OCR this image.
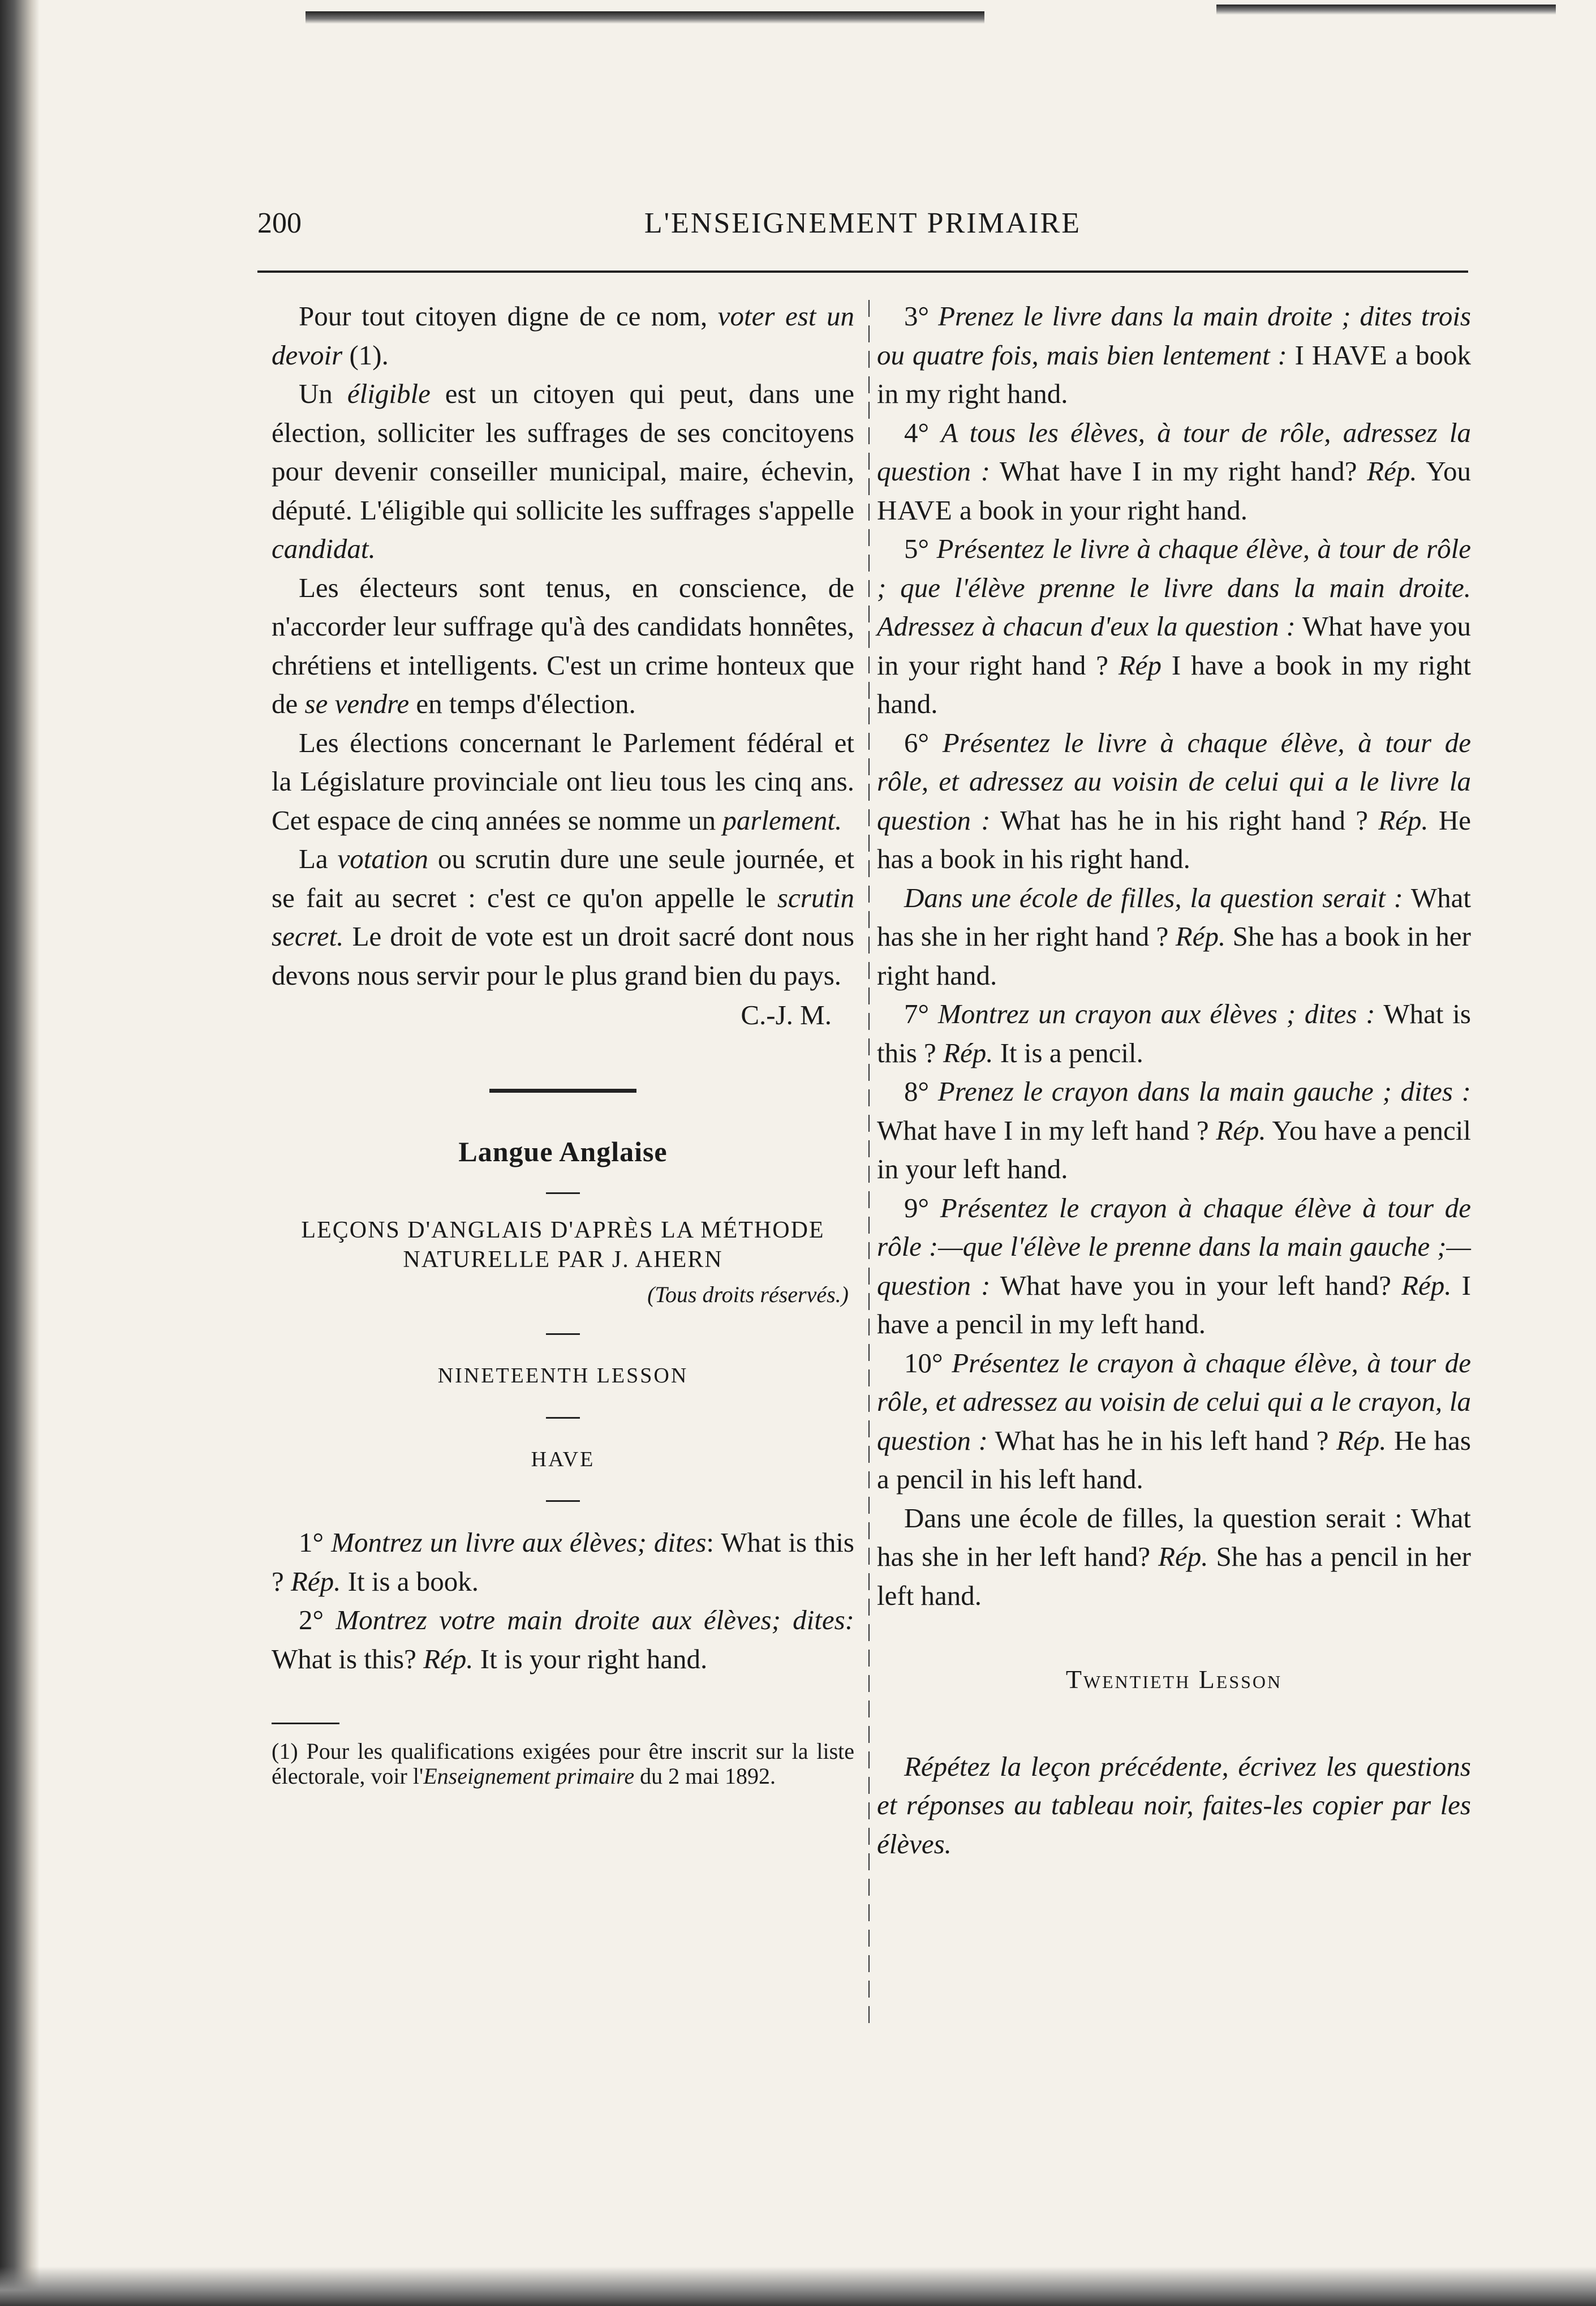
200	L'ENSEIGNEMENT PRIMAIRE

Pour tout citoyen digne de ce nom, voter est un devoir (1).

Un éligible est un citoyen qui peut, dans une élection, solliciter les suffrages de ses concitoyens pour devenir conseiller municipal, maire, échevin, député. L'éligible qui sollicite les suffrages s'appelle candidat.

Les électeurs sont tenus, en conscience, de n'accorder leur suffrage qu'à des candidats honnêtes, chrétiens et intelligents. C'est un crime honteux que de se vendre en temps d'élection.

Les élections concernant le Parlement fédéral et la Législature provinciale ont lieu tous les cinq ans. Cet espace de cinq années se nomme un parlement.

La votation ou scrutin dure une seule journée, et se fait au secret : c'est ce qu'on appelle le scrutin secret. Le droit de vote est un droit sacré dont nous devons nous servir pour le plus grand bien du pays.

C.-J. M.
Langue Anglaise
LEÇONS D'ANGLAIS D'APRÈS LA MÉTHODE NATURELLE PAR J. AHERN
(Tous droits réservés.)
NINETEENTH LESSON
HAVE

1° Montrez un livre aux élèves; dites: What is this ? Rép. It is a book.

2° Montrez votre main droite aux élèves; dites: What is this? Rép. It is your right hand.

(1) Pour les qualifications exigées pour être inscrit sur la liste électorale, voir l'Enseignement primaire du 2 mai 1892.

3° Prenez le livre dans la main droite ; dites trois ou quatre fois, mais bien lentement : I HAVE a book in my right hand.

4° A tous les élèves, à tour de rôle, adressez la question : What have I in my right hand? Rép. You HAVE a book in your right hand.

5° Présentez le livre à chaque élève, à tour de rôle ; que l'élève prenne le livre dans la main droite. Adressez à chacun d'eux la question : What have you in your right hand ? Rép I have a book in my right hand.

6° Présentez le livre à chaque élève, à tour de rôle, et adressez au voisin de celui qui a le livre la question : What has he in his right hand ? Rép. He has a book in his right hand.

Dans une école de filles, la question serait : What has she in her right hand ? Rép. She has a book in her right hand.

7° Montrez un crayon aux élèves ; dites : What is this ? Rép. It is a pencil.

8° Prenez le crayon dans la main gauche ; dites : What have I in my left hand ? Rép. You have a pencil in your left hand.

9° Présentez le crayon à chaque élève à tour de rôle :—que l'élève le prenne dans la main gauche ;—question : What have you in your left hand? Rép. I have a pencil in my left hand.

10° Présentez le crayon à chaque élève, à tour de rôle, et adressez au voisin de celui qui a le crayon, la question : What has he in his left hand ? Rép. He has a pencil in his left hand.

Dans une école de filles, la question serait : What has she in her left hand? Rép. She has a pencil in her left hand.

Twentieth Lesson

Répétez la leçon précédente, écrivez les questions et réponses au tableau noir, faites-les copier par les élèves.
